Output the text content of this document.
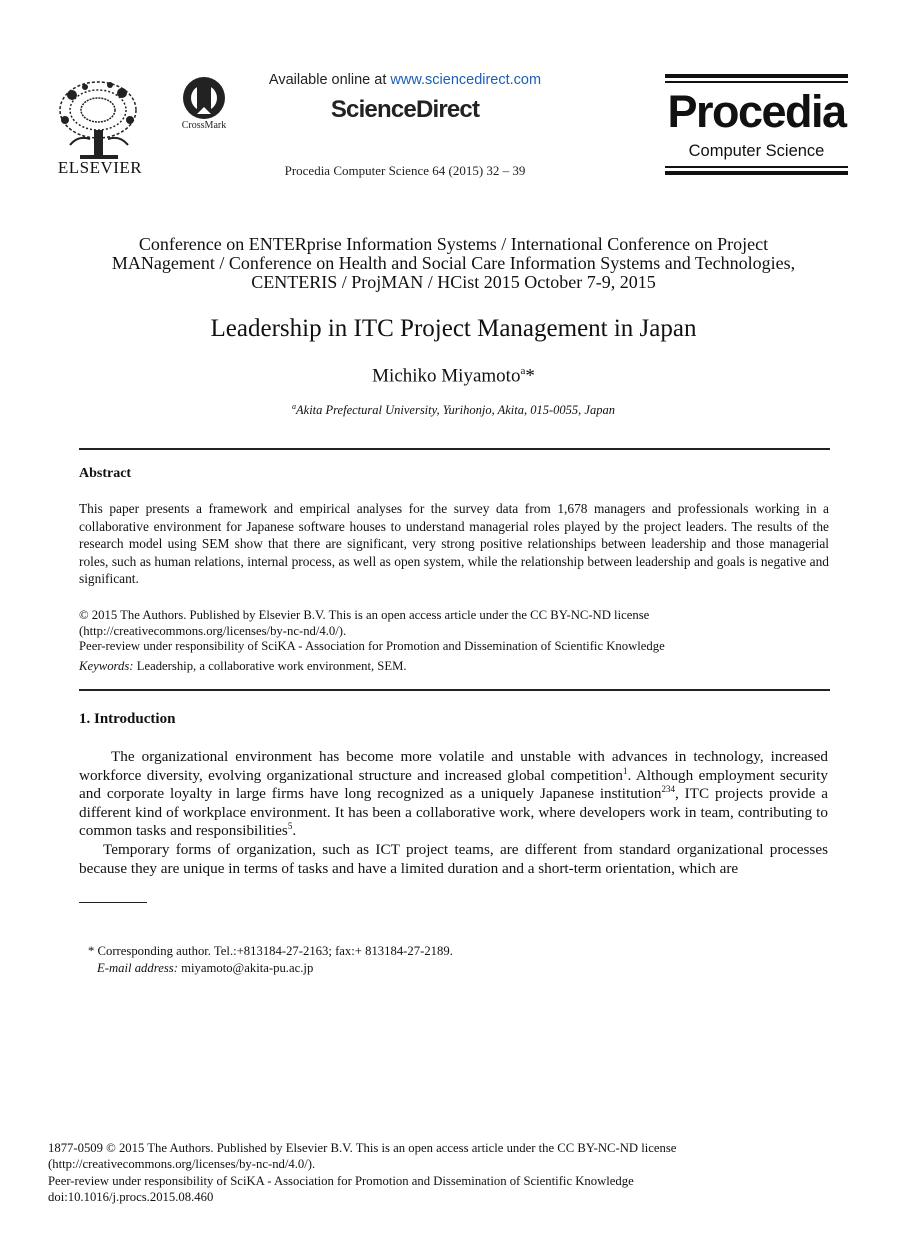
ELSEVIER
CrossMark
Available online at www.sciencedirect.com
ScienceDirect
Procedia Computer Science 64 (2015) 32 – 39
Procedia
Computer Science
Conference on ENTERprise Information Systems / International Conference on Project
MANagement / Conference on Health and Social Care Information Systems and Technologies,
CENTERIS / ProjMAN / HCist 2015 October 7-9, 2015
Leadership in ITC Project Management in Japan
Michiko Miyamoto$^a$*
$^a$Akita Prefectural University, Yurihonjo, Akita, 015-0055, Japan
Abstract
This paper presents a framework and empirical analyses for the survey data from 1,678 managers and professionals working in a collaborative environment for Japanese software houses to understand managerial roles played by the project leaders. The results of the research model using SEM show that there are significant, very strong positive relationships between leadership and those managerial roles, such as human relations, internal process, as well as open system, while the relationship between leadership and goals is negative and significant.
© 2015 The Authors. Published by Elsevier B.V. This is an open access article under the CC BY-NC-ND license
(http://creativecommons.org/licenses/by-nc-nd/4.0/).
Peer-review under responsibility of SciKA - Association for Promotion and Dissemination of Scientific Knowledge
Keywords: Leadership, a collaborative work environment, SEM.
1. Introduction

The organizational environment has become more volatile and unstable with advances in technology, increased workforce diversity, evolving organizational structure and increased global competition$^1$. Although employment security and corporate loyalty in large firms have long recognized as a uniquely Japanese institution$^{234}$, ITC projects provide a different kind of workplace environment. It has been a collaborative work, where developers work in team, contributing to common tasks and responsibilities$^5$.

Temporary forms of organization, such as ICT project teams, are different from standard organizational processes because they are unique in terms of tasks and have a limited duration and a short-term orientation, which are

* Corresponding author. Tel.:+813184-27-2163; fax:+ 813184-27-2189.
E-mail address: miyamoto@akita-pu.ac.jp
1877-0509 © 2015 The Authors. Published by Elsevier B.V. This is an open access article under the CC BY-NC-ND license
(http://creativecommons.org/licenses/by-nc-nd/4.0/).
Peer-review under responsibility of SciKA - Association for Promotion and Dissemination of Scientific Knowledge
doi:10.1016/j.procs.2015.08.460
